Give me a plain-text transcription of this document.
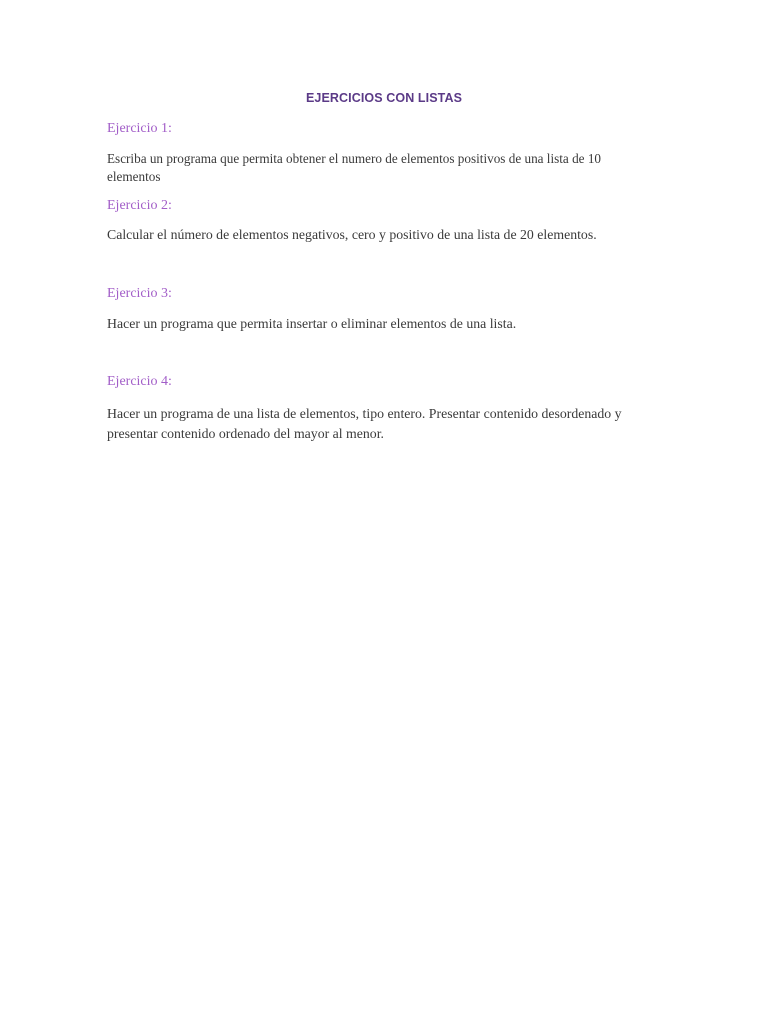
EJERCICIOS CON LISTAS
Ejercicio 1:
Escriba un programa que permita obtener el numero de elementos positivos de una lista de 10 elementos
Ejercicio 2:
Calcular el número de elementos negativos, cero y positivo de una lista de 20 elementos.
Ejercicio 3:
Hacer un programa que permita insertar o eliminar elementos de una lista.
Ejercicio 4:
Hacer un programa de una lista de elementos, tipo entero. Presentar contenido desordenado y presentar contenido ordenado del mayor al menor.
